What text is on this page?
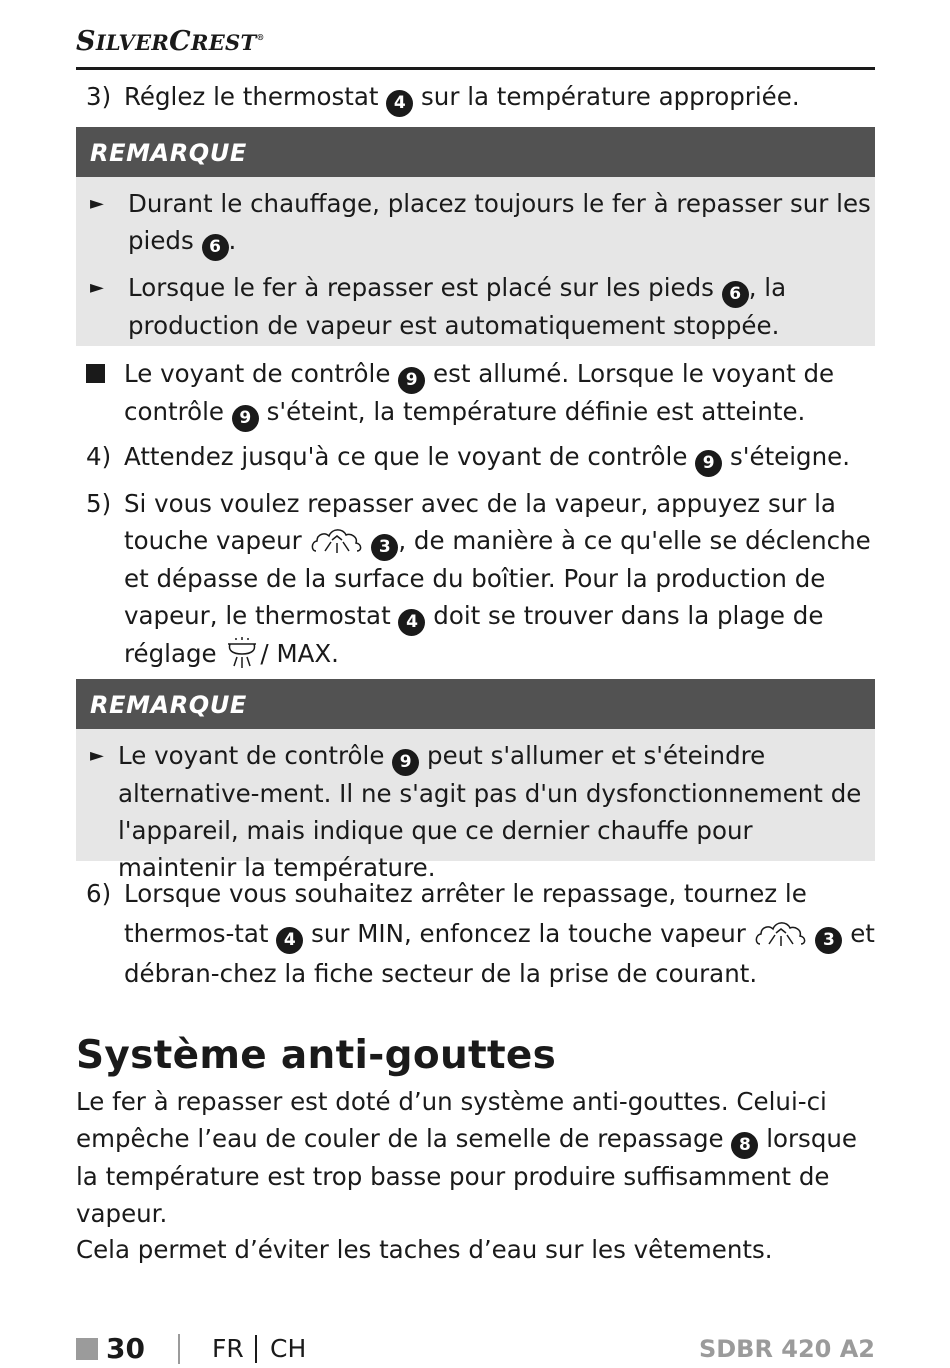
SILVERCREST®
3) Réglez le thermostat 4 sur la température appropriée.
REMARQUE
► Durant le chauffage, placez toujours le fer à repasser sur les pieds 6 .
► Lorsque le fer à repasser est placé sur les pieds 6 , la production de vapeur est automatiquement stoppée.
Le voyant de contrôle 9 est allumé. Lorsque le voyant de contrôle 9 s'éteint, la température définie est atteinte.
4) Attendez jusqu'à ce que le voyant de contrôle 9 s'éteigne.
5) Si vous voulez repasser avec de la vapeur, appuyez sur la touche vapeur	3 , de manière à ce qu'elle se déclenche et dépasse de la surface du boîtier. Pour la production de vapeur, le thermostat 4 doit se trouver dans la plage de réglage / MAX.
REMARQUE
► Le voyant de contrôle 9 peut s'allumer et s'éteindre alternative-ment. Il ne s'agit pas d'un dysfonctionnement de l'appareil, mais indique que ce dernier chauffe pour maintenir la température.
6) Lorsque vous souhaitez arrêter le repassage, tournez le thermos-tat 4 sur MIN, enfoncez la touche vapeur	3 et débran-chez la fiche secteur de la prise de courant.
Système anti-gouttes
Le fer à repasser est doté d’un système anti-gouttes. Celui-ci empêche l’eau de couler de la semelle de repassage 8 lorsque la température est trop basse pour produire suffisamment de vapeur.
Cela permet d’éviter les taches d’eau sur les vêtements.
30	FR CH	SDBR 420 A2
